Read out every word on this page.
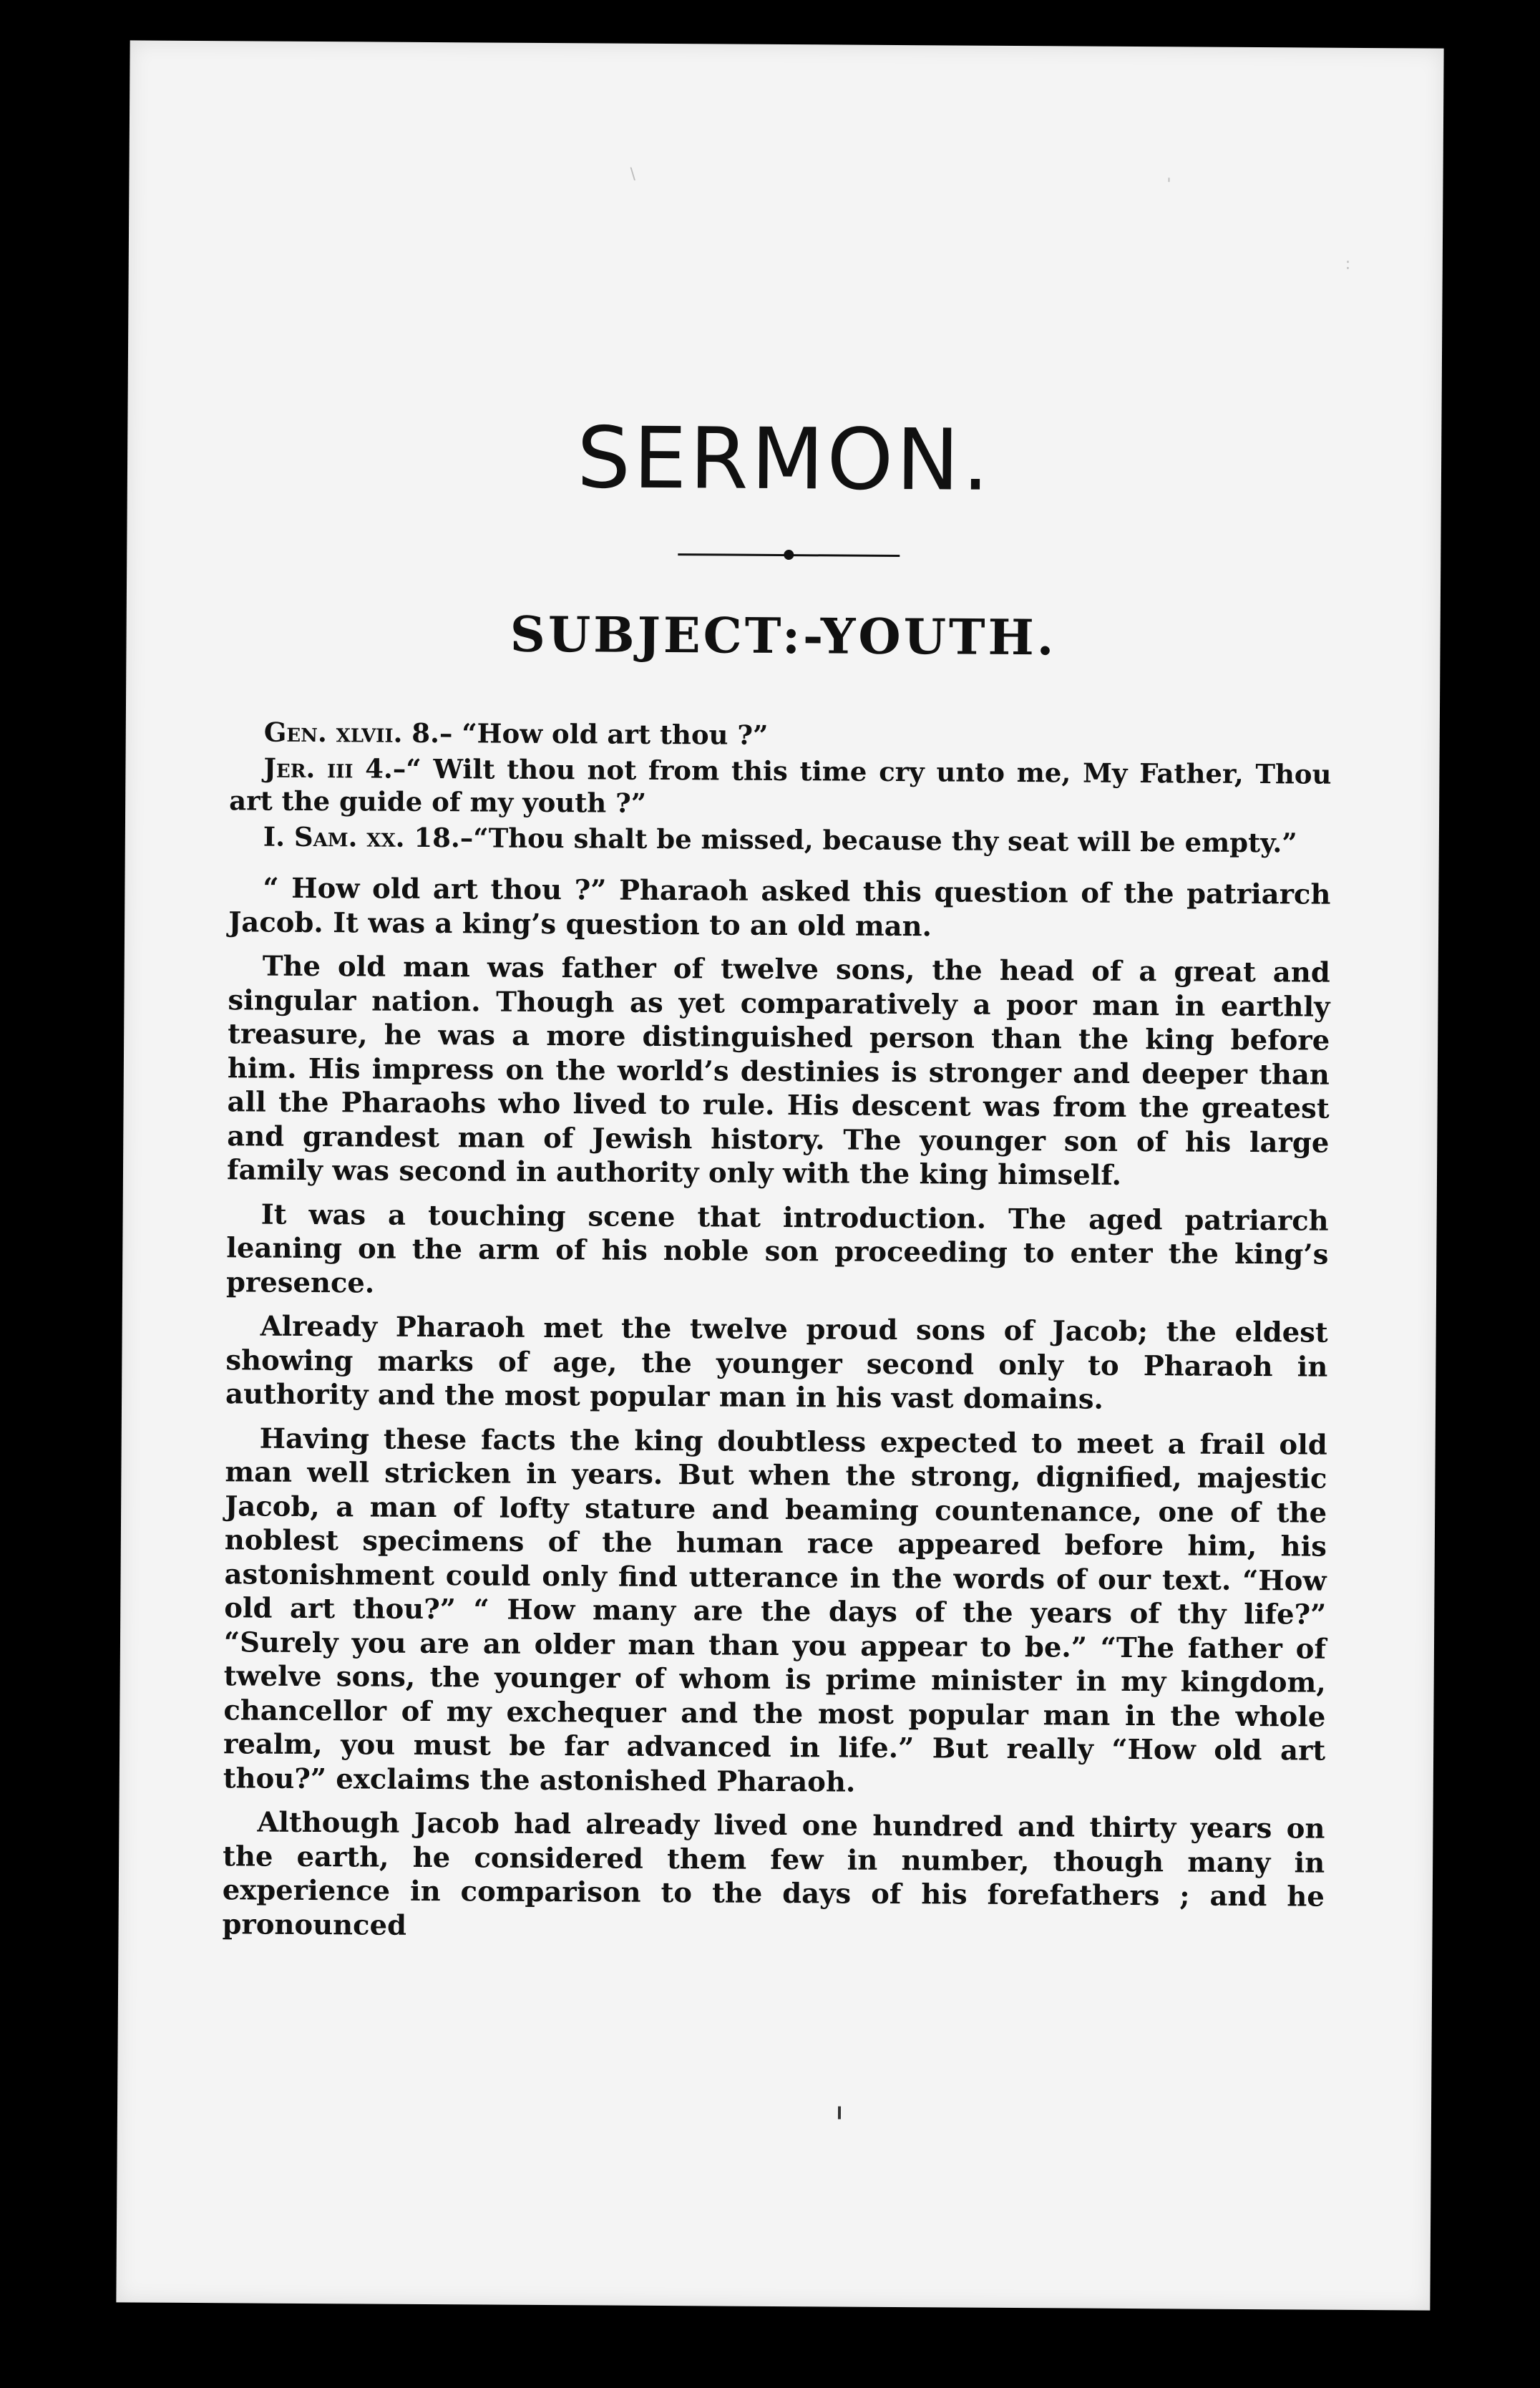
\
'
:
SERMON.
SUBJECT:-YOUTH.

Gen. xlvii. 8.– “How old art thou ?”

Jer. iii 4.–“ Wilt thou not from this time cry unto me, My Father, Thou art the guide of my youth ?”

I. Sam. xx. 18.–“Thou shalt be missed, because thy seat will be empty.”

“ How old art thou ?” Pharaoh asked this question of the patriarch Jacob. It was a king’s question to an old man.

The old man was father of twelve sons, the head of a great and singular nation. Though as yet comparatively a poor man in earthly treasure, he was a more distinguished person than the king before him. His impress on the world’s destinies is stronger and deeper than all the Pharaohs who lived to rule. His descent was from the greatest and grandest man of Jewish history. The younger son of his large family was second in authority only with the king himself.

It was a touching scene that introduction. The aged patriarch leaning on the arm of his noble son proceeding to enter the king’s presence.

Already Pharaoh met the twelve proud sons of Jacob; the eldest showing marks of age, the younger second only to Pharaoh in authority and the most popular man in his vast domains.

Having these facts the king doubtless expected to meet a frail old man well stricken in years. But when the strong, dignified, majestic Jacob, a man of lofty stature and beaming countenance, one of the noblest specimens of the human race appeared before him, his astonishment could only find utterance in the words of our text. “How old art thou?” “ How many are the days of the years of thy life?” “Surely you are an older man than you appear to be.” “The father of twelve sons, the younger of whom is prime minister in my kingdom, chancellor of my exchequer and the most popular man in the whole realm, you must be far advanced in life.” But really “How old art thou?” exclaims the astonished Pharaoh.

Although Jacob had already lived one hundred and thirty years on the earth, he considered them few in number, though many in experience in comparison to the days of his forefathers ; and he pronounced
